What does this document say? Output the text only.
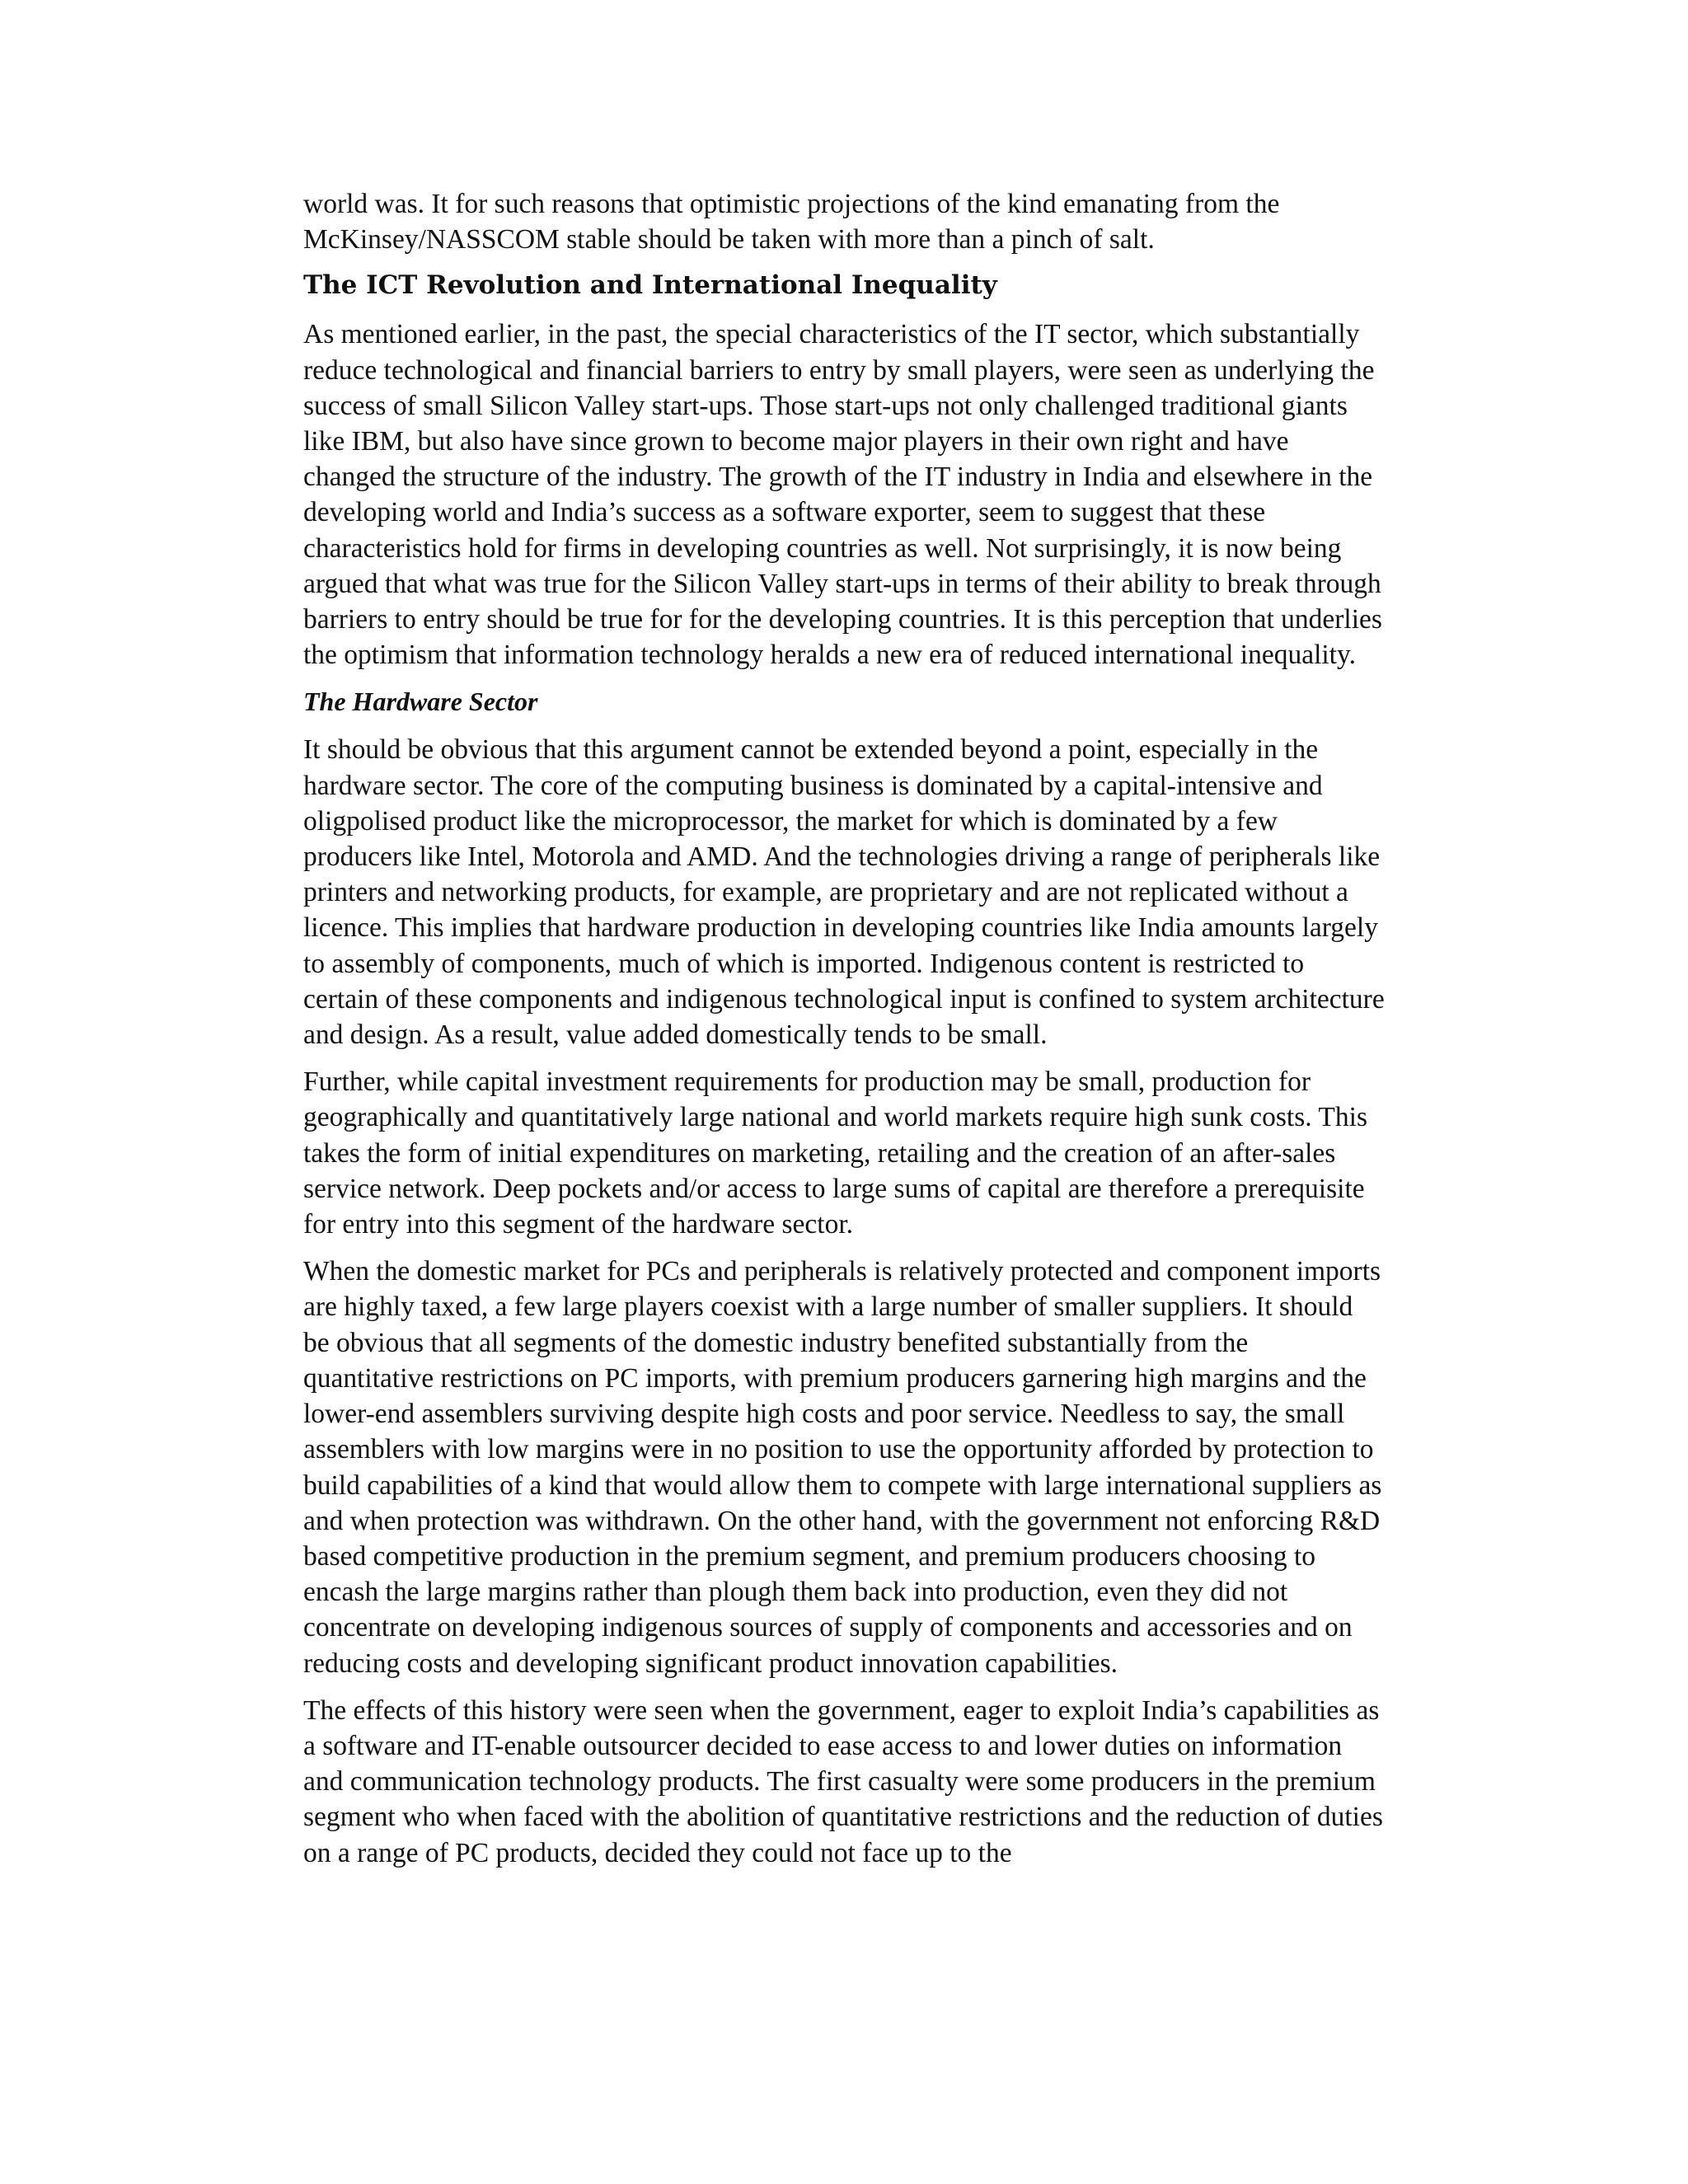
world was. It for such reasons that optimistic projections of the kind emanating from the McKinsey/NASSCOM stable should be taken with more than a pinch of salt.

The ICT Revolution and International Inequality

As mentioned earlier, in the past, the special characteristics of the IT sector, which substantially reduce technological and financial barriers to entry by small players, were seen as underlying the success of small Silicon Valley start-ups. Those start-ups not only challenged traditional giants like IBM, but also have since grown to become major players in their own right and have changed the structure of the industry. The growth of the IT industry in India and elsewhere in the developing world and India’s success as a software exporter, seem to suggest that these characteristics hold for firms in developing countries as well. Not surprisingly, it is now being argued that what was true for the Silicon Valley start-ups in terms of their ability to break through barriers to entry should be true for for the developing countries. It is this perception that underlies the optimism that information technology heralds a new era of reduced international inequality.

The Hardware Sector

It should be obvious that this argument cannot be extended beyond a point, especially in the hardware sector. The core of the computing business is dominated by a capital-intensive and oligpolised product like the microprocessor, the market for which is dominated by a few producers like Intel, Motorola and AMD. And the technologies driving a range of peripherals like printers and networking products, for example, are proprietary and are not replicated without a licence. This implies that hardware production in developing countries like India amounts largely to assembly of components, much of which is imported. Indigenous content is restricted to certain of these components and indigenous technological input is confined to system architecture and design. As a result, value added domestically tends to be small.

Further, while capital investment requirements for production may be small, production for geographically and quantitatively large national and world markets require high sunk costs. This takes the form of initial expenditures on marketing, retailing and the creation of an after-sales service network. Deep pockets and/or access to large sums of capital are therefore a prerequisite for entry into this segment of the hardware sector.

When the domestic market for PCs and peripherals is relatively protected and component imports are highly taxed, a few large players coexist with a large number of smaller suppliers. It should be obvious that all segments of the domestic industry benefited substantially from the quantitative restrictions on PC imports, with premium producers garnering high margins and the lower-end assemblers surviving despite high costs and poor service. Needless to say, the small assemblers with low margins were in no position to use the opportunity afforded by protection to build capabilities of a kind that would allow them to compete with large international suppliers as and when protection was withdrawn. On the other hand, with the government not enforcing R&D based competitive production in the premium segment, and premium producers choosing to encash the large margins rather than plough them back into production, even they did not concentrate on developing indigenous sources of supply of components and accessories and on reducing costs and developing significant product innovation capabilities.

The effects of this history were seen when the government, eager to exploit India’s capabilities as a software and IT-enable outsourcer decided to ease access to and lower duties on information and communication technology products. The first casualty were some producers in the premium segment who when faced with the abolition of quantitative restrictions and the reduction of duties on a range of PC products, decided they could not face up to the
